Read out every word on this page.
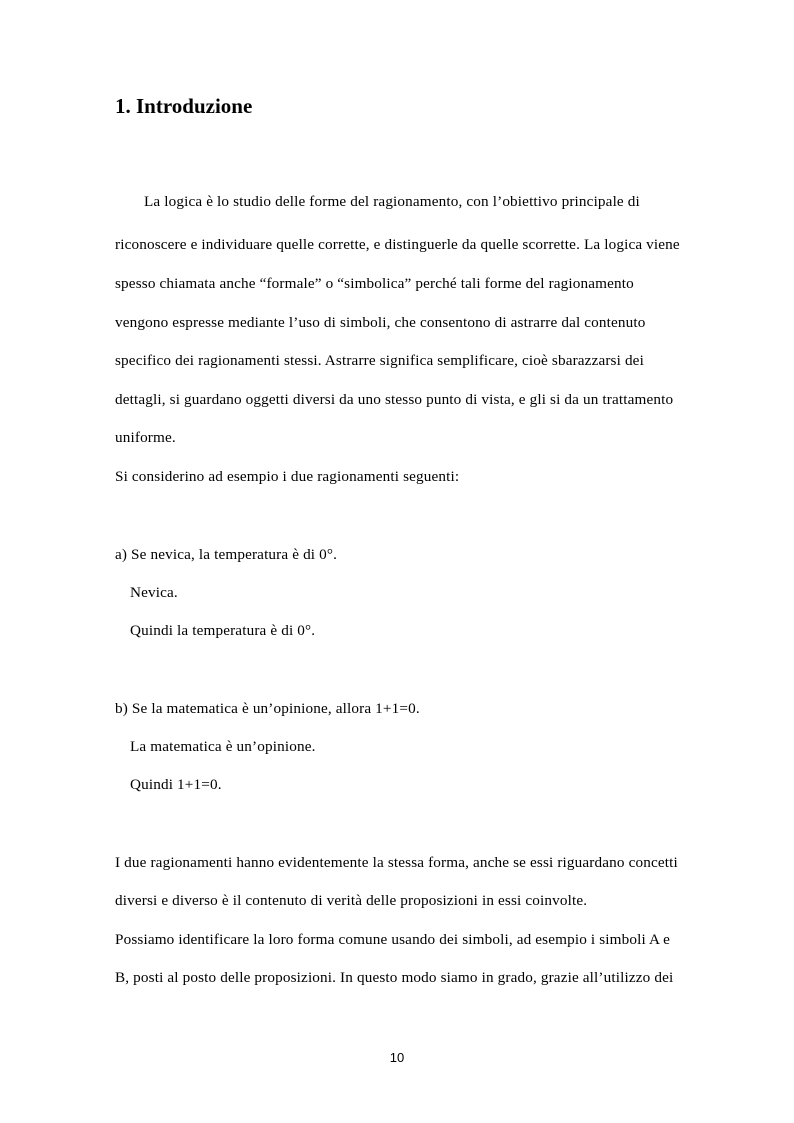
1. Introduzione
La logica è lo studio delle forme del ragionamento, con l’obiettivo principale di
riconoscere e individuare quelle corrette, e distinguerle da quelle scorrette. La logica viene
spesso chiamata anche “formale” o “simbolica” perché tali forme del ragionamento
vengono espresse mediante l’uso di simboli, che consentono di astrarre dal contenuto
specifico dei ragionamenti stessi. Astrarre significa semplificare, cioè sbarazzarsi dei
dettagli, si guardano oggetti diversi da uno stesso punto di vista, e gli si da un trattamento
uniforme.
Si considerino ad esempio i due ragionamenti seguenti:
a) Se nevica, la temperatura è di 0°.
Nevica.
Quindi la temperatura è di 0°.
b) Se la matematica è un’opinione, allora 1+1=0.
La matematica è un’opinione.
Quindi 1+1=0.
I due ragionamenti hanno evidentemente la stessa forma, anche se essi riguardano concetti
diversi e diverso è il contenuto di verità delle proposizioni in essi coinvolte.
Possiamo identificare la loro forma comune usando dei simboli, ad esempio i simboli A e
B, posti al posto delle proposizioni. In questo modo siamo in grado, grazie all’utilizzo dei
10
